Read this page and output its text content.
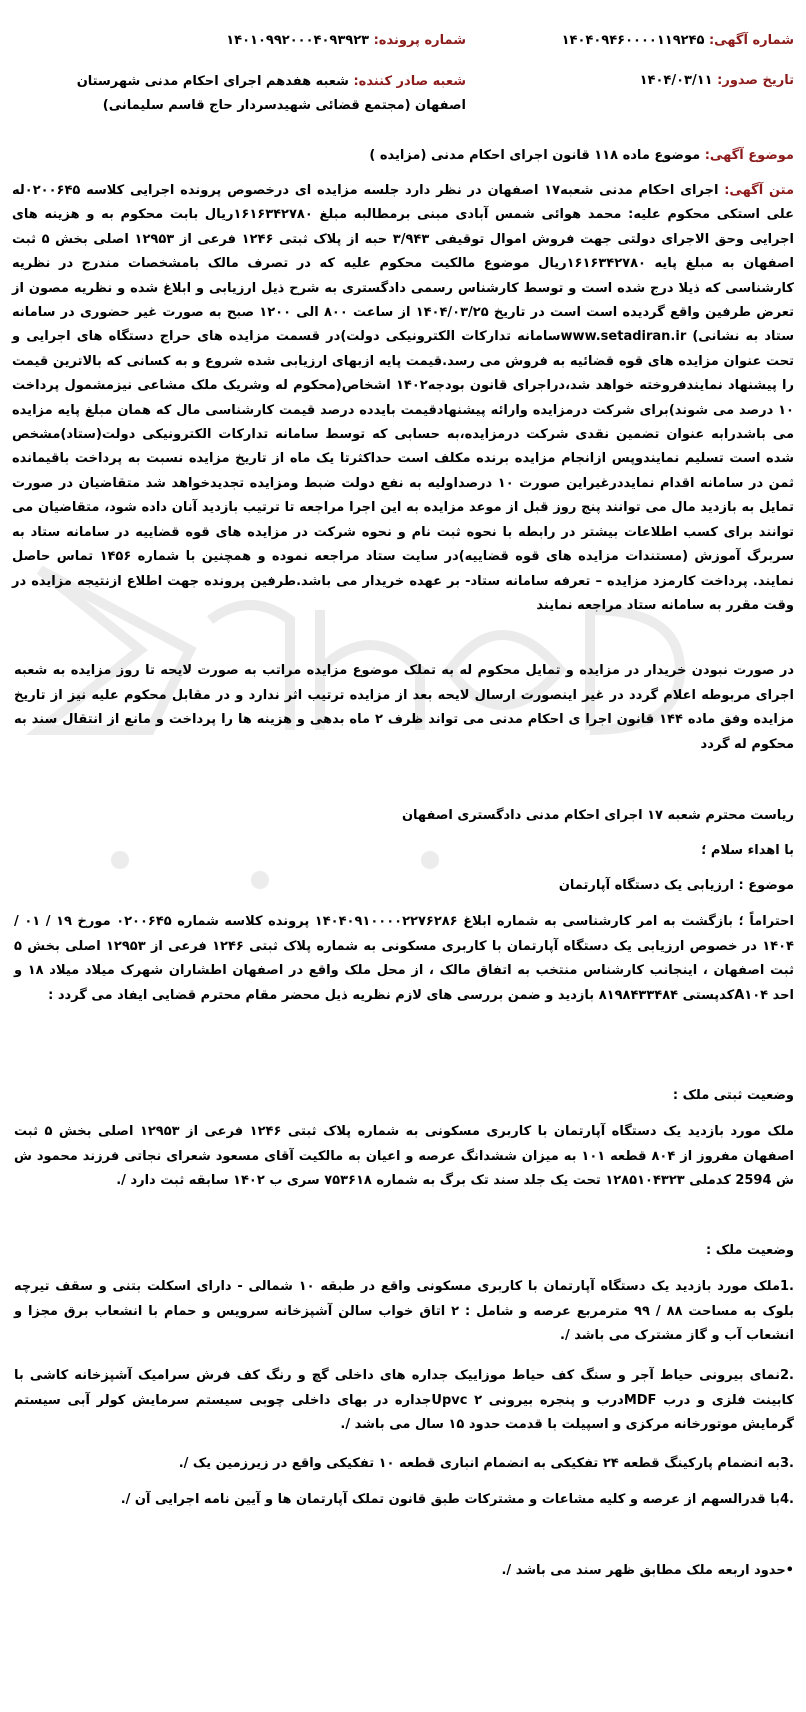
شماره آگهی: ۱۴۰۴۰۹۴۶۰۰۰۰۱۱۹۲۴۵
شماره پرونده: ۱۴۰۱۰۹۹۲۰۰۰۴۰۹۳۹۲۳
تاریخ صدور: ۱۴۰۴/۰۳/۱۱
شعبه صادر کننده: شعبه هفدهم اجرای احکام مدنی شهرستان اصفهان (مجتمع قضائی شهیدسردار حاج قاسم سلیمانی)
موضوع آگهی: موضوع ماده ۱۱۸ قانون اجرای احکام مدنی (مزایده )
متن آگهی: اجرای احکام مدنی شعبه۱۷ اصفهان در نظر دارد جلسه مزایده ای درخصوص پرونده اجرایی کلاسه ۰۲۰۰۶۴۵له علی استکی محکوم علیه: محمد هوائی شمس آبادی مبنی برمطالبه مبلغ ۱۶۱۶۳۴۲۷۸۰ریال بابت محکوم به و هزینه های اجرایی وحق الاجرای دولتی جهت فروش اموال توقیفی ۳/۹۴۳ حبه از پلاک ثبتی ۱۲۴۶ فرعی از ۱۲۹۵۳ اصلی بخش ۵ ثبت اصفهان به مبلغ پایه ۱۶۱۶۳۴۲۷۸۰ریال موضوع مالکیت محکوم علیه که در تصرف مالک بامشخصات مندرج در نظریه کارشناسی که ذیلا درج شده است و توسط کارشناس رسمی دادگستری به شرح ذیل ارزیابی و ابلاغ شده و نظریه مصون از تعرض طرفین واقع گردیده است است در تاریخ ۱۴۰۴/۰۳/۲۵ از ساعت ۸۰۰ الی ۱۲۰۰ صبح به صورت غیر حضوری در سامانه ستاد به نشانی) www.setadiran.irسامانه تدارکات الکترونیکی دولت)در قسمت مزایده های حراج دستگاه های اجرایی و تحت عنوان مزایده های قوه قضائیه به فروش می رسد.قیمت پایه ازبهای ارزیابی شده شروع و به کسانی که بالاترین قیمت را پیشنهاد نمایندفروخته خواهد شد،دراجرای قانون بودجه۱۴۰۲ اشخاص(محکوم له وشریک ملک مشاعی نیزمشمول پرداخت ۱۰ درصد می شوند)برای شرکت درمزایده وارائه پیشنهادقیمت بایدده درصد قیمت کارشناسی مال که همان مبلغ پایه مزایده می باشدرابه عنوان تضمین نقدی شرکت درمزایده،به حسابی که توسط سامانه تدارکات الکترونیکی دولت(ستاد)مشخص شده است تسلیم نمایندوپس ازانجام مزایده برنده مکلف است حداکثرتا یک ماه از تاریخ مزایده نسبت به پرداخت باقیمانده ثمن در سامانه اقدام نمایددرغیراین صورت ۱۰ درصداولیه به نفع دولت ضبط ومزایده تجدیدخواهد شد متقاضیان در صورت تمایل به بازدید مال می توانند پنج روز قبل از موعد مزایده به این اجرا مراجعه تا ترتیب بازدید آنان داده شود، متقاضیان می توانند برای کسب اطلاعات بیشتر در رابطه با نحوه ثبت نام و نحوه شرکت در مزایده های قوه قضاییه در سامانه ستاد به سربرگ آموزش (مستندات مزایده های قوه قضاییه)در سایت ستاد مراجعه نموده و همچنین با شماره ۱۴۵۶ تماس حاصل نمایند. پرداخت کارمزد مزایده – تعرفه سامانه ستاد- بر عهده خریدار می باشد.طرفین پرونده جهت اطلاع ازنتیجه مزایده در وقت مقرر به سامانه ستاد مراجعه نمایند
در صورت نبودن خریدار در مزایده و تمایل محکوم له به تملک موضوع مزایده مراتب به صورت لایحه تا روز مزایده به شعبه اجرای مربوطه اعلام گردد در غیر اینصورت ارسال لایحه بعد از مزایده ترتیب اثر ندارد و در مقابل محکوم علیه نیز از تاریخ مزایده وفق ماده ۱۴۴ قانون اجرا ی احکام مدنی می تواند ظرف ۲ ماه بدهی و هزینه ها را پرداخت و مانع از انتقال سند به محکوم له گردد
ریاست محترم شعبه ۱۷ اجرای احکام مدنی دادگستری اصفهان
با اهداء سلام ؛
موضوع : ارزیابی یک دستگاه آپارتمان
احتراماً ؛ بازگشت به امر کارشناسی به شماره ابلاغ ۱۴۰۴۰۹۱۰۰۰۰۲۲۷۶۲۸۶ پرونده کلاسه شماره ۰۲۰۰۶۴۵ مورخ ۱۹ / ۰۱ / ۱۴۰۴ در خصوص ارزیابی یک دستگاه آپارتمان با کاربری مسکونی به شماره پلاک ثبتی ۱۲۴۶ فرعی از ۱۲۹۵۳ اصلی بخش ۵ ثبت اصفهان ، اینجانب کارشناس منتخب به اتفاق مالک ، از محل ملک واقع در اصفهان اطشاران شهرک میلاد میلاد ۱۸ و احد A۱۰۴کدپستی ۸۱۹۸۴۳۳۴۸۴ بازدید و ضمن بررسی های لازم نظریه ذیل محضر مقام محترم قضایی ایفاد می گردد :
وضعیت ثبتی ملک :
ملک مورد بازدید یک دستگاه آپارتمان با کاربری مسکونی به شماره پلاک ثبتی ۱۲۴۶ فرعی از ۱۲۹۵۳ اصلی بخش ۵ ثبت اصفهان مفروز از ۸۰۴ قطعه ۱۰۱ به میزان ششدانگ عرصه و اعیان به مالکیت آقای مسعود شعرای نجاتی فرزند محمود ش ش 2594 کدملی ۱۲۸۵۱۰۴۳۲۳ تحت یک جلد سند تک برگ به شماره ۷۵۳۶۱۸ سری ب ۱۴۰۲ سابقه ثبت دارد /.
وضعیت ملک :
.1ملک مورد بازدید یک دستگاه آپارتمان با کاربری مسکونی واقع در طبقه ۱۰ شمالی - دارای اسکلت بتنی و سقف تیرچه بلوک به مساحت ۸۸ / ۹۹ مترمربع عرصه و شامل : ۲ اتاق خواب سالن آشپزخانه سرویس و حمام با انشعاب برق مجزا و انشعاب آب و گاز مشترک می باشد /.
.2نمای بیرونی حیاط آجر و سنگ کف حیاط موزاییک جداره های داخلی گچ و رنگ کف فرش سرامیک آشپزخانه کاشی با کابینت فلزی و درب MDFدرب و پنجره بیرونی Upvc ۲جداره در بهای داخلی چوبی سیستم سرمایش کولر آبی سیستم گرمایش موتورخانه مرکزی و اسپیلت با قدمت حدود ۱۵ سال می باشد /.
.3به انضمام پارکینگ قطعه ۲۴ تفکیکی به انضمام انباری قطعه ۱۰ تفکیکی واقع در زیرزمین یک /.
.4با قدرالسهم از عرصه و کلیه مشاعات و مشترکات طبق قانون تملک آپارتمان ها و آیین نامه اجرایی آن /.
•حدود اربعه ملک مطابق ظهر سند می باشد /.
